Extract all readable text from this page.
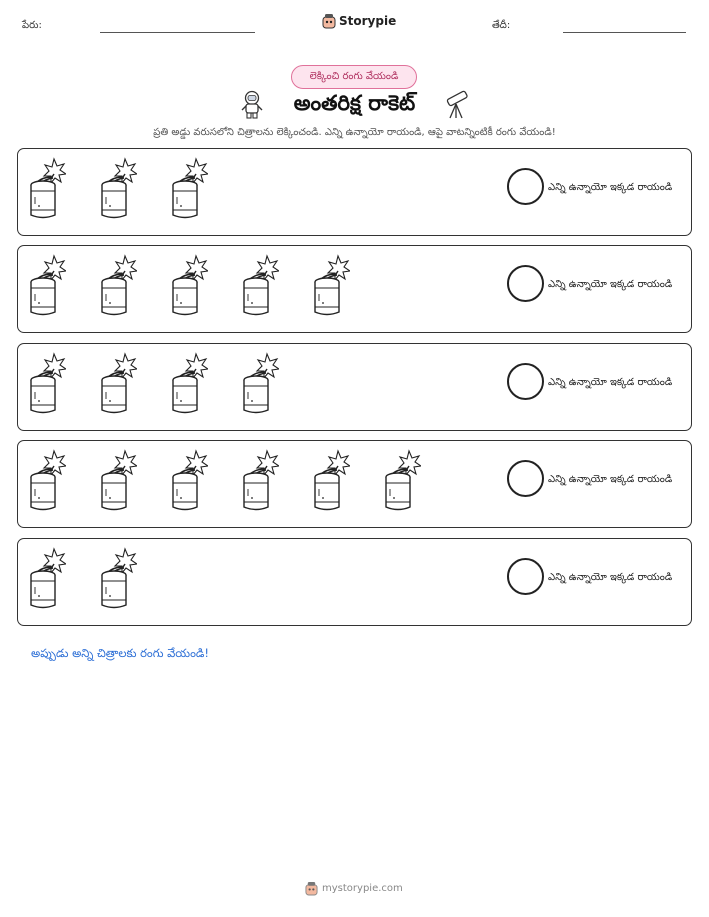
పేరు:	Storypie	తేదీ:
లెక్కించి రంగు వేయండి
అంతరిక్ష రాకెట్
ప్రతి అడ్డు వరుసలోని చిత్రాలను లెక్కించండి. ఎన్ని ఉన్నాయో రాయండి, ఆపై వాటన్నింటికీ రంగు వేయండి!
ఎన్ని ఉన్నాయో ఇక్కడ రాయండి
ఎన్ని ఉన్నాయో ఇక్కడ రాయండి
ఎన్ని ఉన్నాయో ఇక్కడ రాయండి
ఎన్ని ఉన్నాయో ఇక్కడ రాయండి
ఎన్ని ఉన్నాయో ఇక్కడ రాయండి
అప్పుడు అన్ని చిత్రాలకు రంగు వేయండి!
mystorypie.com
